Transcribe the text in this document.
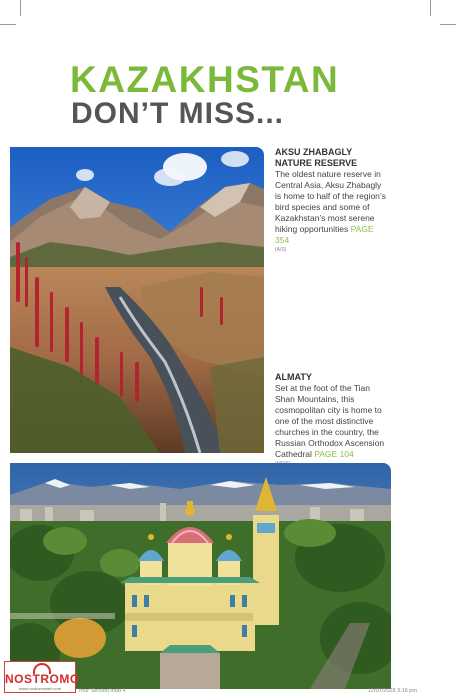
KAZAKHSTAN
DON’T MISS...
AKSU ZHABAGLY
NATURE RESERVE

The oldest nature reserve in Central Asia, Aksu Zhabagly is home to half of the region’s bird species and some of Kazakhstan’s most serene hiking opportunities PAGE 354

(A/S)
ALMATY

Set at the foot of the Tian Shan Mountains, this cosmopolitan city is home to one of the most distinctive churches in the country, the Russian Orthodox Ascension Cathedral PAGE 104

NOSTROMO
www.nostromoweb.com	Your Section.indd 4	12/07/2028 3:16 pm
